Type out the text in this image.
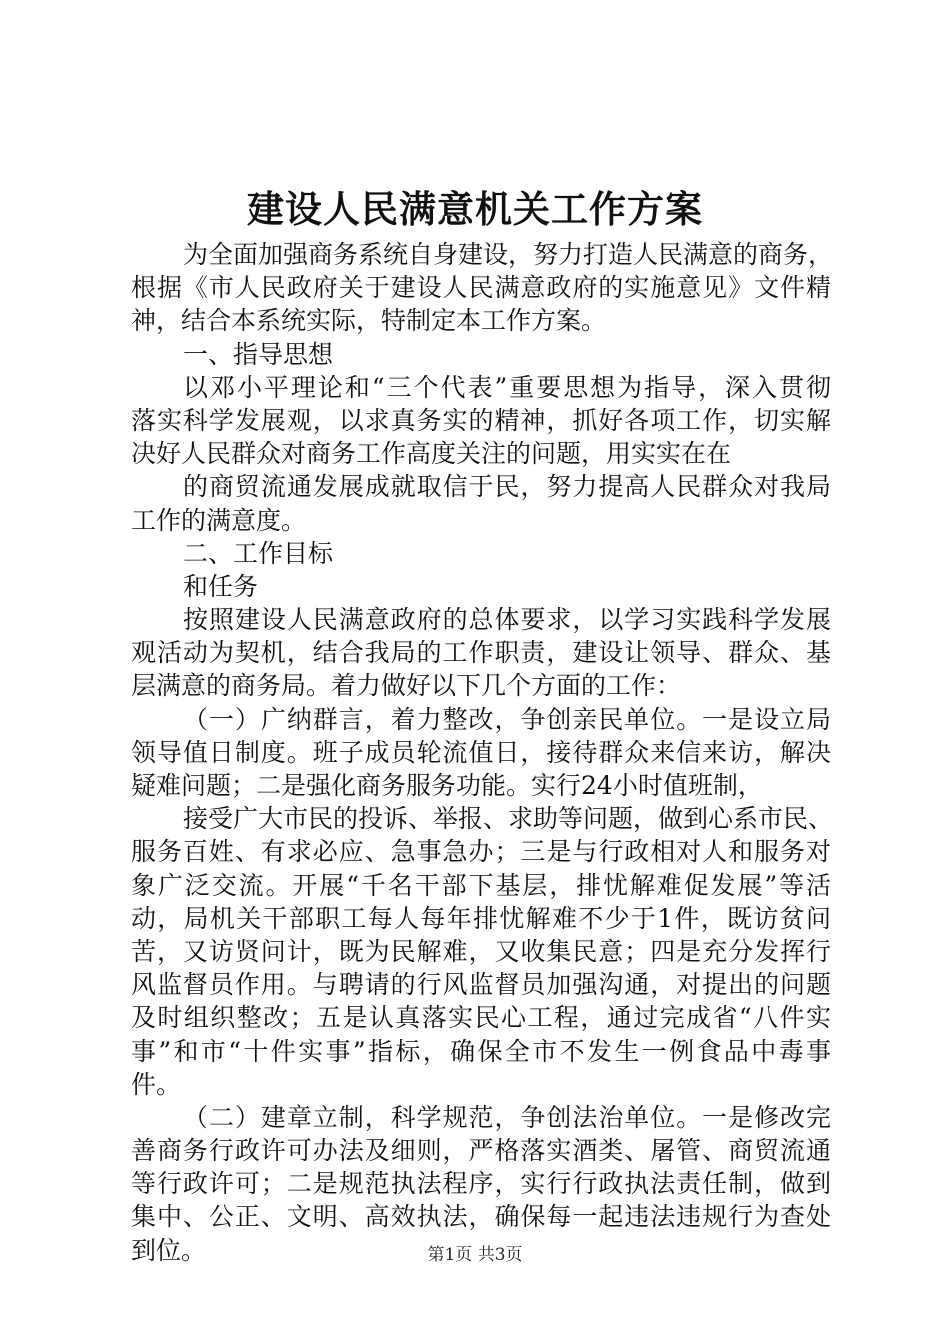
建设人民满意机关工作方案
为全面加强商务系统自身建设，努力打造人民满意的商务，
根据《市人民政府关于建设人民满意政府的实施意见》文件精
神，结合本系统实际，特制定本工作方案。
一、指导思想
以邓小平理论和“三个代表”重要思想为指导，深入贯彻
落实科学发展观，以求真务实的精神，抓好各项工作，切实解
决好人民群众对商务工作高度关注的问题，用实实在在
的商贸流通发展成就取信于民，努力提高人民群众对我局
工作的满意度。
二、工作目标
和任务
按照建设人民满意政府的总体要求，以学习实践科学发展
观活动为契机，结合我局的工作职责，建设让领导、群众、基
层满意的商务局。着力做好以下几个方面的工作：
（一）广纳群言，着力整改，争创亲民单位。一是设立局
领导值日制度。班子成员轮流值日，接待群众来信来访，解决
疑难问题；二是强化商务服务功能。实行24小时值班制，
接受广大市民的投诉、举报、求助等问题，做到心系市民、
服务百姓、有求必应、急事急办；三是与行政相对人和服务对
象广泛交流。开展“千名干部下基层，排忧解难促发展”等活
动，局机关干部职工每人每年排忧解难不少于1件，既访贫问
苦，又访贤问计，既为民解难，又收集民意；四是充分发挥行
风监督员作用。与聘请的行风监督员加强沟通，对提出的问题
及时组织整改；五是认真落实民心工程，通过完成省“八件实
事”和市“十件实事”指标，确保全市不发生一例食品中毒事
件。
（二）建章立制，科学规范，争创法治单位。一是修改完
善商务行政许可办法及细则，严格落实酒类、屠管、商贸流通
等行政许可；二是规范执法程序，实行行政执法责任制，做到
集中、公正、文明、高效执法，确保每一起违法违规行为查处
到位。	第1页 共3页
